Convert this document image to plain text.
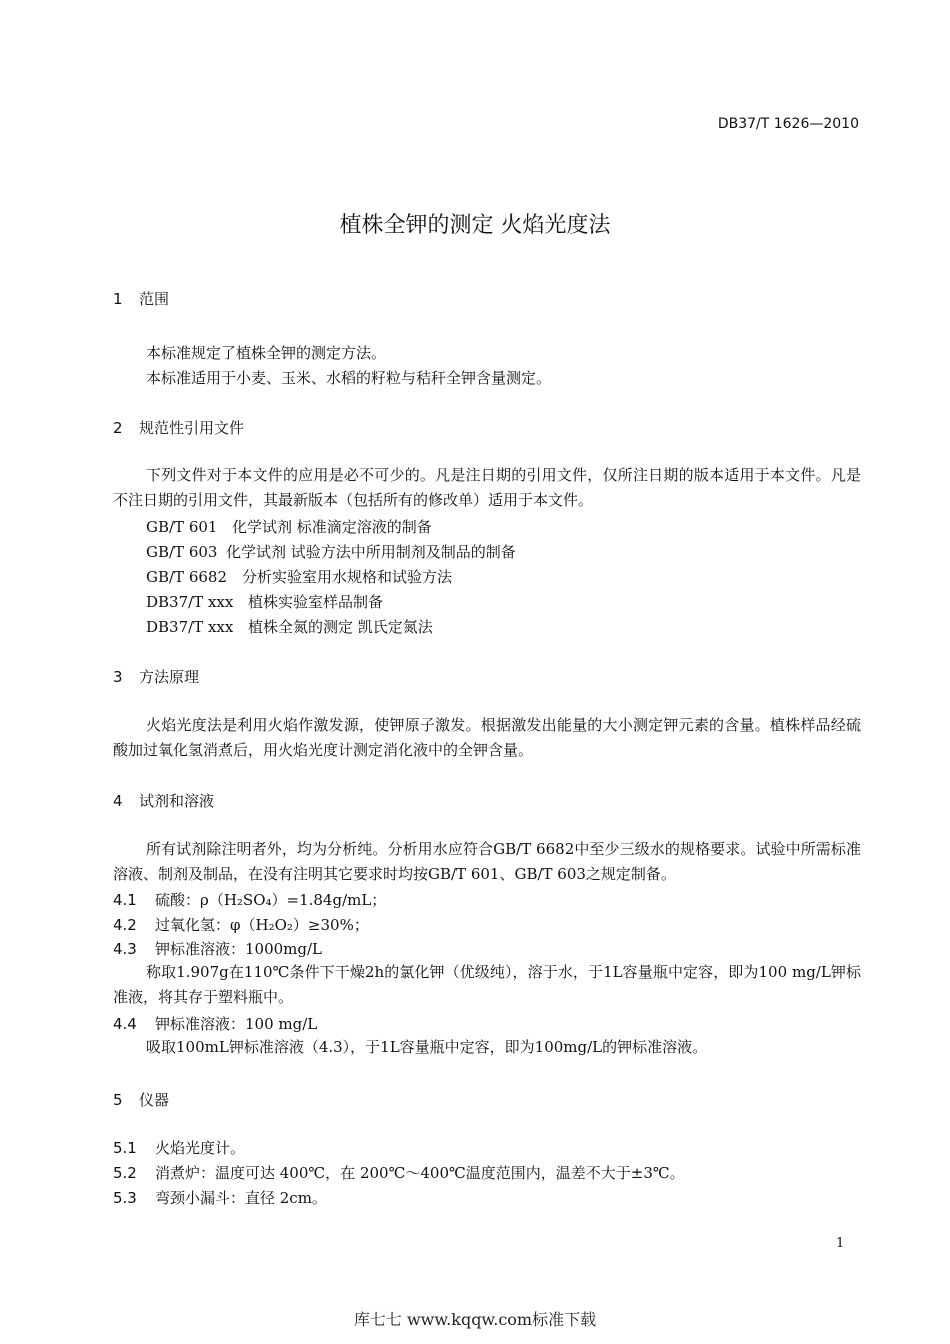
DB37/T 1626—2010
植株全钾的测定 火焰光度法
1 范围
本标准规定了植株全钾的测定方法。
本标准适用于小麦、玉米、水稻的籽粒与秸秆全钾含量测定。
2 规范性引用文件
下列文件对于本文件的应用是必不可少的。凡是注日期的引用文件，仅所注日期的版本适用于本文件。凡是不注日期的引用文件，其最新版本（包括所有的修改单）适用于本文件。
GB/T 601 化学试剂 标准滴定溶液的制备
GB/T 603 化学试剂 试验方法中所用制剂及制品的制备
GB/T 6682 分析实验室用水规格和试验方法
DB37/T xxx 植株实验室样品制备
DB37/T xxx 植株全氮的测定 凯氏定氮法
3 方法原理
火焰光度法是利用火焰作激发源，使钾原子激发。根据激发出能量的大小测定钾元素的含量。植株样品经硫酸加过氧化氢消煮后，用火焰光度计测定消化液中的全钾含量。
4 试剂和溶液
所有试剂除注明者外，均为分析纯。分析用水应符合GB/T 6682中至少三级水的规格要求。试验中所需标准溶液、制剂及制品，在没有注明其它要求时均按GB/T 601、GB/T 603之规定制备。
4.1 硫酸：ρ（H₂SO₄）=1.84g/mL；
4.2 过氧化氢：φ（H₂O₂）≥30%；
4.3 钾标准溶液：1000mg/L
称取1.907g在110℃条件下干燥2h的氯化钾（优级纯），溶于水，于1L容量瓶中定容，即为100 mg/L钾标准液，将其存于塑料瓶中。
4.4 钾标准溶液：100 mg/L
吸取100mL钾标准溶液（4.3），于1L容量瓶中定容，即为100mg/L的钾标准溶液。
5 仪器
5.1 火焰光度计。
5.2 消煮炉：温度可达 400℃，在 200℃～400℃温度范围内，温差不大于±3℃。
5.3 弯颈小漏斗：直径 2cm。
1
库七七 www.kqqw.com标准下载
